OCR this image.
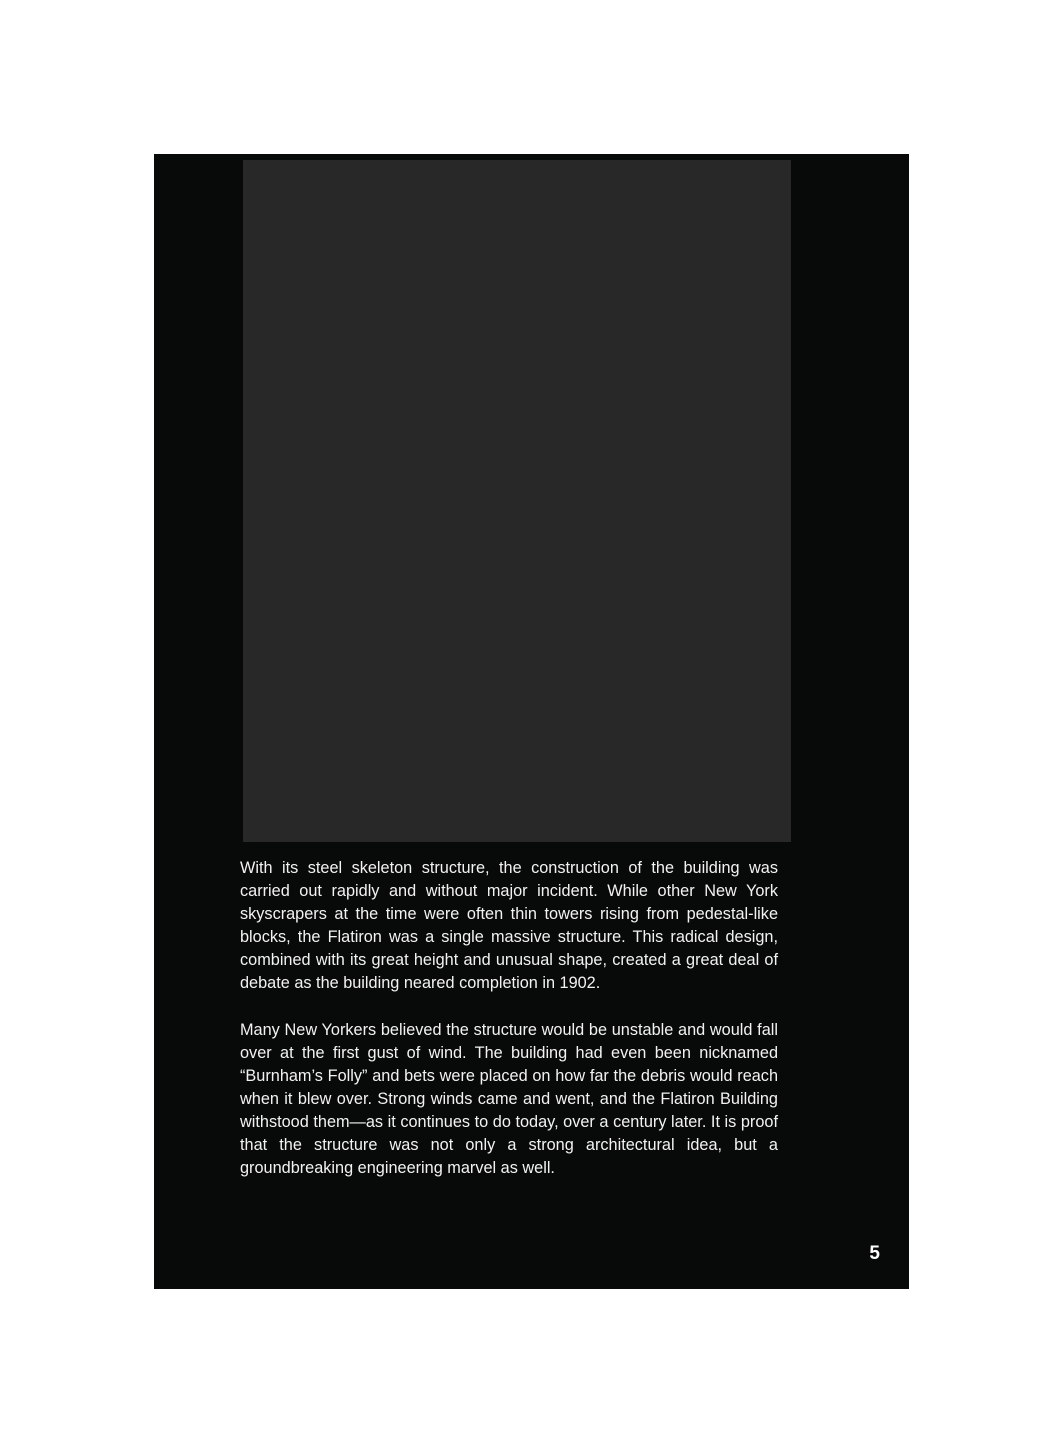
With its steel skeleton structure, the construction of the building was carried out rapidly and without major incident. While other New York skyscrapers at the time were often thin towers rising from pedestal-like blocks, the Flatiron was a single massive structure. This radical design, combined with its great height and unusual shape, created a great deal of debate as the building neared completion in 1902.

Many New Yorkers believed the structure would be unstable and would fall over at the first gust of wind. The building had even been nicknamed “Burnham’s Folly” and bets were placed on how far the debris would reach when it blew over. Strong winds came and went, and the Flatiron Building withstood them—as it continues to do today, over a century later. It is proof that the structure was not only a strong architectural idea, but a groundbreaking engineering marvel as well.

5
